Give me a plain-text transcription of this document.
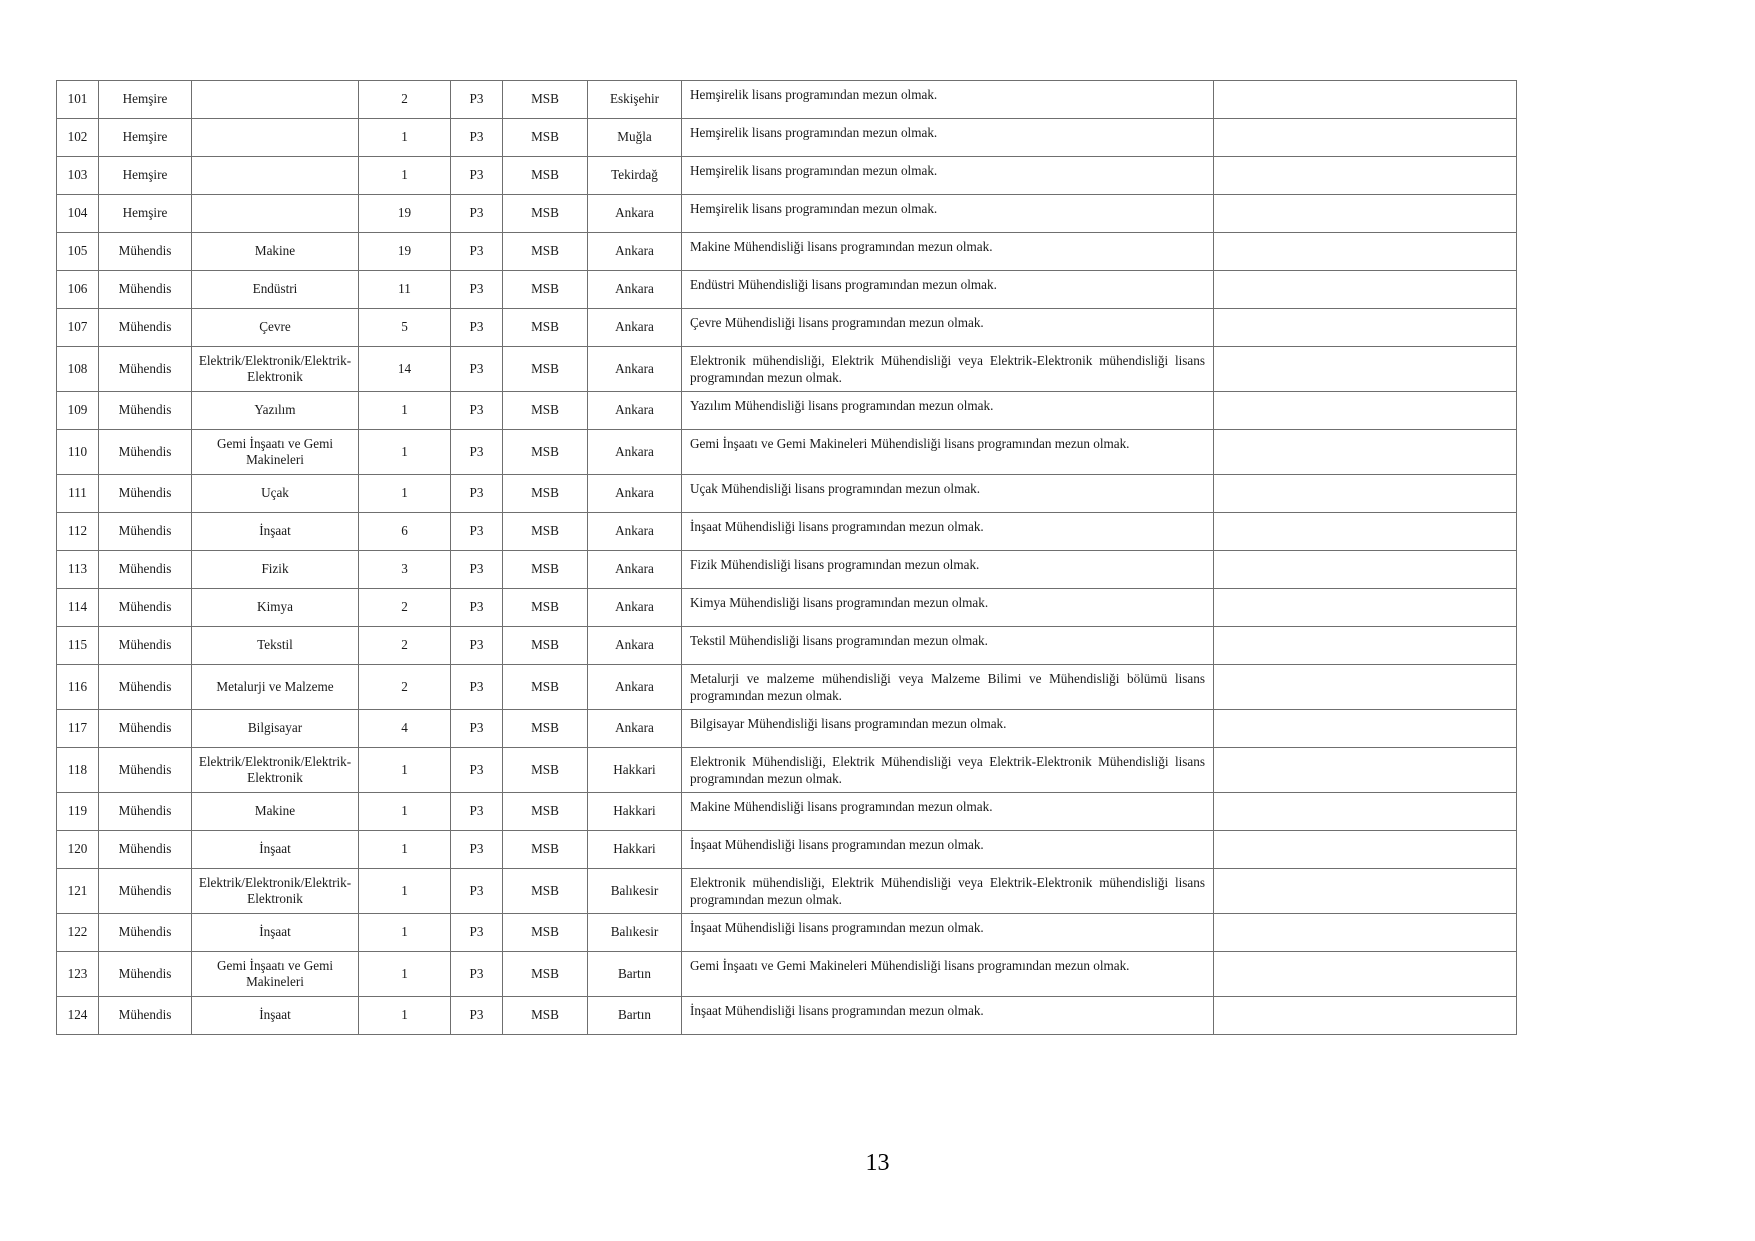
101	Hemşire		2	P3	MSB	Eskişehir	Hemşirelik lisans programından mezun olmak.	

102	Hemşire		1	P3	MSB	Muğla	Hemşirelik lisans programından mezun olmak.	

103	Hemşire		1	P3	MSB	Tekirdağ	Hemşirelik lisans programından mezun olmak.	

104	Hemşire		19	P3	MSB	Ankara	Hemşirelik lisans programından mezun olmak.	

105	Mühendis	Makine	19	P3	MSB	Ankara	Makine Mühendisliği lisans programından mezun olmak.	

106	Mühendis	Endüstri	11	P3	MSB	Ankara	Endüstri Mühendisliği lisans programından mezun olmak.	

107	Mühendis	Çevre	5	P3	MSB	Ankara	Çevre Mühendisliği lisans programından mezun olmak.	

108	Mühendis	Elektrik/Elektronik/Elektrik-Elektronik	14	P3	MSB	Ankara	Elektronik mühendisliği, Elektrik Mühendisliği veya Elektrik-Elektronik mühendisliği lisans programından mezun olmak.	

109	Mühendis	Yazılım	1	P3	MSB	Ankara	Yazılım Mühendisliği lisans programından mezun olmak.	

110	Mühendis	Gemi İnşaatı ve Gemi Makineleri	1	P3	MSB	Ankara	Gemi İnşaatı ve Gemi Makineleri Mühendisliği lisans programından mezun olmak.	

111	Mühendis	Uçak	1	P3	MSB	Ankara	Uçak Mühendisliği lisans programından mezun olmak.	

112	Mühendis	İnşaat	6	P3	MSB	Ankara	İnşaat Mühendisliği lisans programından mezun olmak.	

113	Mühendis	Fizik	3	P3	MSB	Ankara	Fizik Mühendisliği lisans programından mezun olmak.	

114	Mühendis	Kimya	2	P3	MSB	Ankara	Kimya Mühendisliği lisans programından mezun olmak.	

115	Mühendis	Tekstil	2	P3	MSB	Ankara	Tekstil Mühendisliği lisans programından mezun olmak.	

116	Mühendis	Metalurji ve Malzeme	2	P3	MSB	Ankara	Metalurji ve malzeme mühendisliği veya Malzeme Bilimi ve Mühendisliği bölümü lisans programından mezun olmak.	

117	Mühendis	Bilgisayar	4	P3	MSB	Ankara	Bilgisayar Mühendisliği lisans programından mezun olmak.	

118	Mühendis	Elektrik/Elektronik/Elektrik-Elektronik	1	P3	MSB	Hakkari	Elektronik Mühendisliği, Elektrik Mühendisliği veya Elektrik-Elektronik Mühendisliği lisans programından mezun olmak.	

119	Mühendis	Makine	1	P3	MSB	Hakkari	Makine Mühendisliği lisans programından mezun olmak.	

120	Mühendis	İnşaat	1	P3	MSB	Hakkari	İnşaat Mühendisliği lisans programından mezun olmak.	

121	Mühendis	Elektrik/Elektronik/Elektrik-Elektronik	1	P3	MSB	Balıkesir	Elektronik mühendisliği, Elektrik Mühendisliği veya Elektrik-Elektronik mühendisliği lisans programından mezun olmak.	

122	Mühendis	İnşaat	1	P3	MSB	Balıkesir	İnşaat Mühendisliği lisans programından mezun olmak.	

123	Mühendis	Gemi İnşaatı ve Gemi Makineleri	1	P3	MSB	Bartın	Gemi İnşaatı ve Gemi Makineleri Mühendisliği lisans programından mezun olmak.	

124	Mühendis	İnşaat	1	P3	MSB	Bartın	İnşaat Mühendisliği lisans programından mezun olmak.	

13
